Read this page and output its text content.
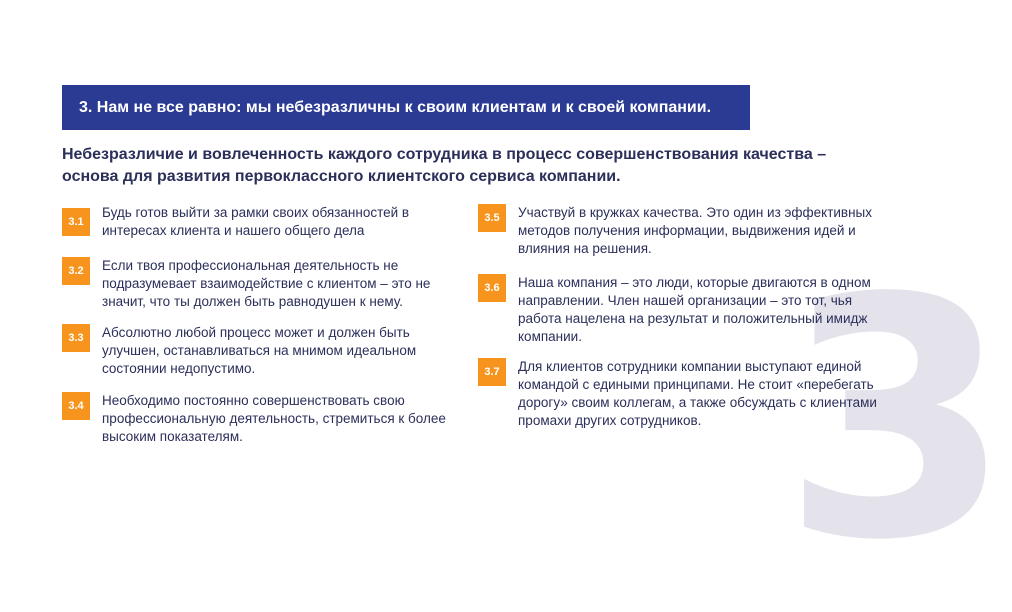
3
3. Нам не все равно: мы небезразличны к своим клиентам и к своей компании.
Небезразличие и вовлеченность каждого сотрудника в процесс совершенствования качества – основа для развития первоклассного клиентского сервиса компании.
3.1
Будь готов выйти за рамки своих обязанностей в интересах клиента и нашего общего дела
3.2	Если твоя профессиональная деятельность не подразумевает взаимодействие с клиентом – это не значит, что ты должен быть равнодушен к нему.
3.3	Абсолютно любой процесс может и должен быть улучшен, останавливаться на мнимом идеальном состоянии недопустимо.
3.4	Необходимо постоянно совершенствовать свою профессиональную деятельность, стремиться к более высоким показателям.
3.5	Участвуй в кружках качества. Это один из эффективных методов получения информации, выдвижения идей и влияния на решения.
3.6	Наша компания – это люди, которые двигаются в одном направлении. Член нашей организации – это тот, чья работа нацелена на результат и положительный имидж компании.
3.7	Для клиентов сотрудники компании выступают единой командой с едиными принципами. Не стоит «перебегать дорогу» своим коллегам, а также обсуждать с клиентами промахи других сотрудников.
